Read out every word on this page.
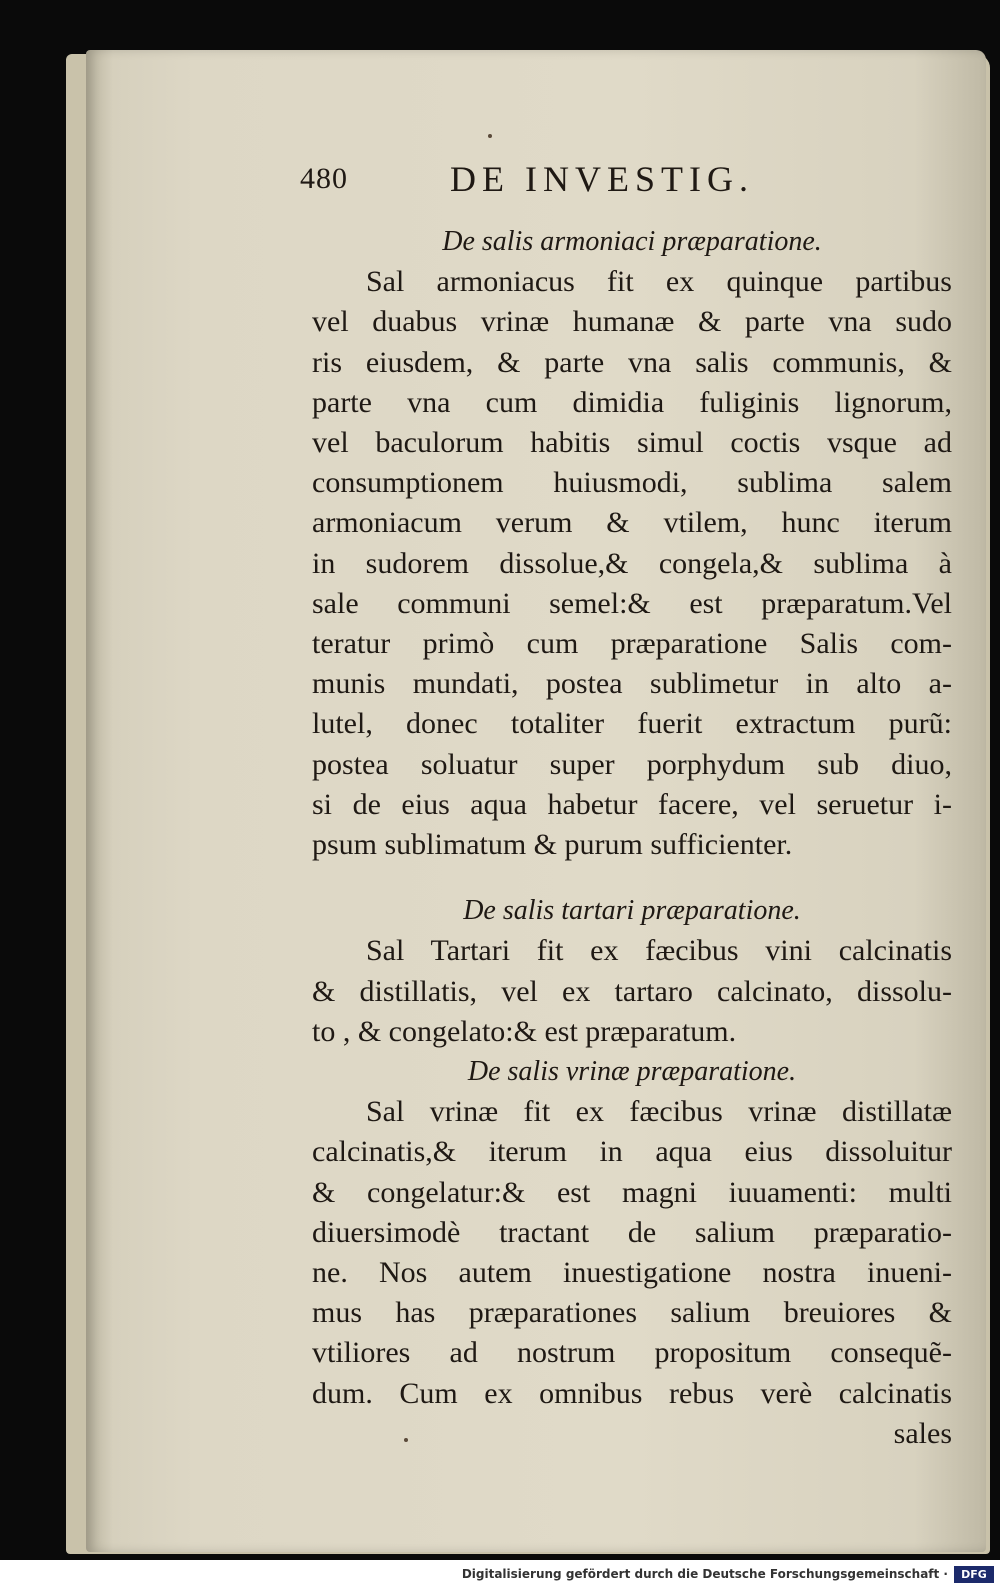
480	DE INVESTIG.
De salis armoniaci præparatione.
Sal armoniacus fit ex quinque partibus
vel duabus vrinæ humanæ & parte vna sudo
ris eiusdem, & parte vna salis communis, &
parte vna cum dimidia fuliginis lignorum,
vel baculorum habitis simul coctis vsque ad
consumptionem huiusmodi, sublima salem
armoniacum verum & vtilem, hunc iterum
in sudorem dissolue,& congela,& sublima à
sale communi semel:& est præparatum.Vel
teratur primò cum præparatione Salis com-
munis mundati, postea sublimetur in alto a-
lutel, donec totaliter fuerit extractum purũ:
postea soluatur super porphydum sub diuo,
si de eius aqua habetur facere, vel seruetur i-
psum sublimatum & purum sufficienter.
De salis tartari præparatione.
Sal Tartari fit ex fæcibus vini calcinatis
& distillatis, vel ex tartaro calcinato, dissolu-
to , & congelato:& est præparatum.
De salis vrinæ præparatione.
Sal vrinæ fit ex fæcibus vrinæ distillatæ
calcinatis,& iterum in aqua eius dissoluitur
& congelatur:& est magni iuuamenti: multi
diuersimodè tractant de salium præparatio-
ne. Nos autem inuestigatione nostra inueni-
mus has præparationes salium breuiores &
vtiliores ad nostrum propositum consequẽ-
dum. Cum ex omnibus rebus verè calcinatis
sales
Digitalisierung gefördert durch die Deutsche Forschungsgemeinschaft ·	DFG
